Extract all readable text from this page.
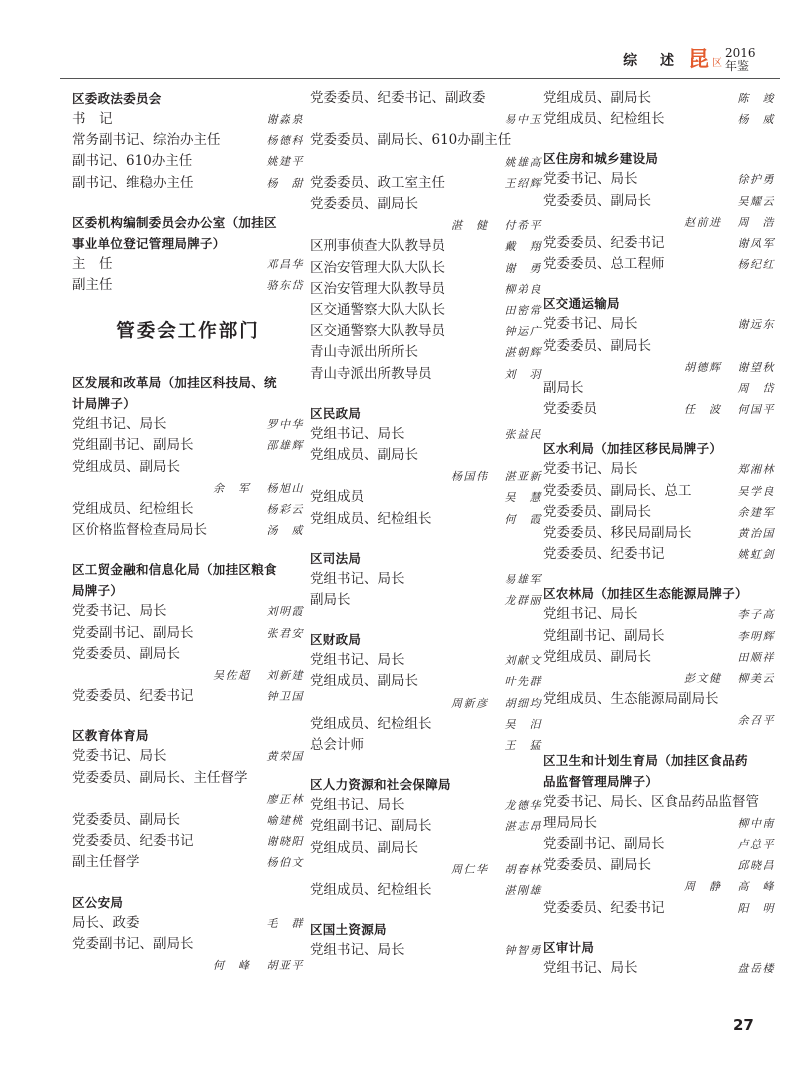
综 述 昆 区
2016
年鉴
区委政法委员会
书　记	谢淼泉
常务副书记、综治办主任	杨德科
副书记、610办主任	姚建平
副书记、维稳办主任	杨　甜
区委机构编制委员会办公室（加挂区
事业单位登记管理局牌子）
主　任	邓昌华
副主任	骆东岱
管委会工作部门
区发展和改革局（加挂区科技局、统
计局牌子）
党组书记、局长	罗中华
党组副书记、副局长	邵雄辉
党组成员、副局长
余　军 杨旭山
党组成员、纪检组长	杨彩云
区价格监督检查局局长	汤　威
区工贸金融和信息化局（加挂区粮食
局牌子）
党委书记、局长	刘明霞
党委副书记、副局长	张君安
党委委员、副局长
吴佐超 刘新建
党委委员、纪委书记	钟卫国
区教育体育局
党委书记、局长	黄荣国
党委委员、副局长、主任督学
廖正林
党委委员、副局长	喻建桃
党委委员、纪委书记	谢晓阳
副主任督学	杨伯文
区公安局
局长、政委	毛　群
党委副书记、副局长
何　峰 胡亚平
党委委员、纪委书记、副政委
易中玉
党委委员、副局长、610办副主任
姚雄高
党委委员、政工室主任	王绍辉
党委委员、副局长
湛　健 付希平
区刑事侦查大队教导员	戴　翔
区治安管理大队大队长	谢　勇
区治安管理大队教导员	柳弟良
区交通警察大队大队长	田密常
区交通警察大队教导员	钟运广
青山寺派出所所长	湛朝辉
青山寺派出所教导员	刘　羽
区民政局
党组书记、局长	张益民
党组成员、副局长
杨国伟 湛亚新
党组成员	吴　慧
党组成员、纪检组长	何　霞
区司法局
党组书记、局长	易雄军
副局长	龙群丽
区财政局
党组书记、局长	刘献文
党组成员、副局长	叶先群
周新彦 胡细均
党组成员、纪检组长	吴　汨
总会计师	王　猛
区人力资源和社会保障局
党组书记、局长	龙德华
党组副书记、副局长	湛志昂
党组成员、副局长
周仁华 胡春林
党组成员、纪检组长	湛刚雄
区国土资源局
党组书记、局长	钟智勇
党组成员、副局长	陈　竣
党组成员、纪检组长	杨　威
区住房和城乡建设局
党委书记、局长	徐护勇
党委委员、副局长	吴耀云
赵前进 周　浩
党委委员、纪委书记	谢凤军
党委委员、总工程师	杨纪红
区交通运输局
党委书记、局长	谢远东
党委委员、副局长
胡德辉 谢望秋
副局长	周　岱
党委委员	任　波 何国平
区水利局（加挂区移民局牌子）
党委书记、局长	郑湘林
党委委员、副局长、总工	吴学良
党委委员、副局长	余建军
党委委员、移民局副局长	黄治国
党委委员、纪委书记	姚虹剑
区农林局（加挂区生态能源局牌子）
党组书记、局长	李子高
党组副书记、副局长	李明辉
党组成员、副局长	田顺祥
彭文健 柳美云
党组成员、生态能源局副局长
余召平
区卫生和计划生育局（加挂区食品药
品监督管理局牌子）
党委书记、局长、区食品药品监督管
理局局长	柳中南
党委副书记、副局长	卢总平
党委委员、副局长	邱晓昌
周　静 高　峰
党委委员、纪委书记	阳　明
区审计局
党组书记、局长	盘岳楼
27
